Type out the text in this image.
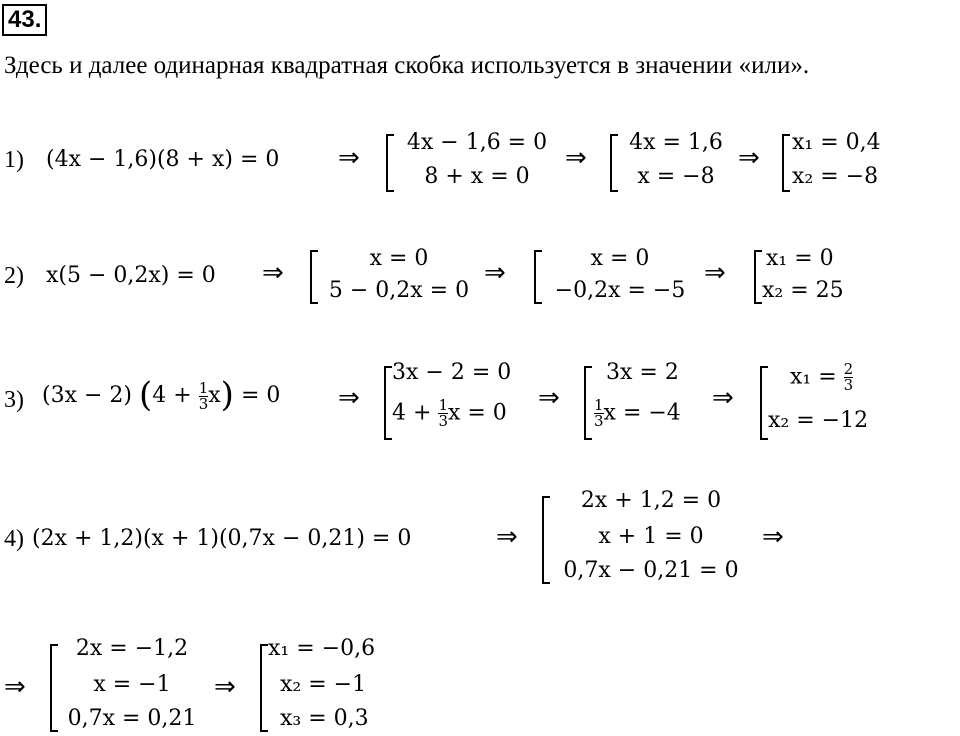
43.
Здесь и далее одинарная квадратная скобка используется в значении «или».
1) (4x − 1,6)(8 + x) = 0 ⇒
4x − 1,6 = 0
8 + x = 0
⇒
4x = 1,6
x = −8
⇒
x₁ = 0,4
x₂ = −8
2) x(5 − 0,2x) = 0 ⇒	x = 0
5 − 0,2x = 0
⇒	x = 0
−0,2x = −5
⇒ x₁ = 0
x₂ = 25
3) (3x − 2) $(4 + \frac{1}{3} x) = 0$ ⇒
3x − 2 = 0
$4 + \frac{1}{3}$ x = 0 ⇒
3x = 2
$\frac{1}{3}$ x = −4 ⇒
$x_1 = \frac{2}{3}$
x₂ = −12
4) (2x + 1,2)(x + 1)(0,7x − 0,21) = 0	⇒
2x + 1,2 = 0
x + 1 = 0
0,7x − 0,21 = 0
⇒
⇒
2x = −1,2
x = −1
0,7x = 0,21
⇒
x₁ = −0,6
x₂ = −1
x₃ = 0,3
